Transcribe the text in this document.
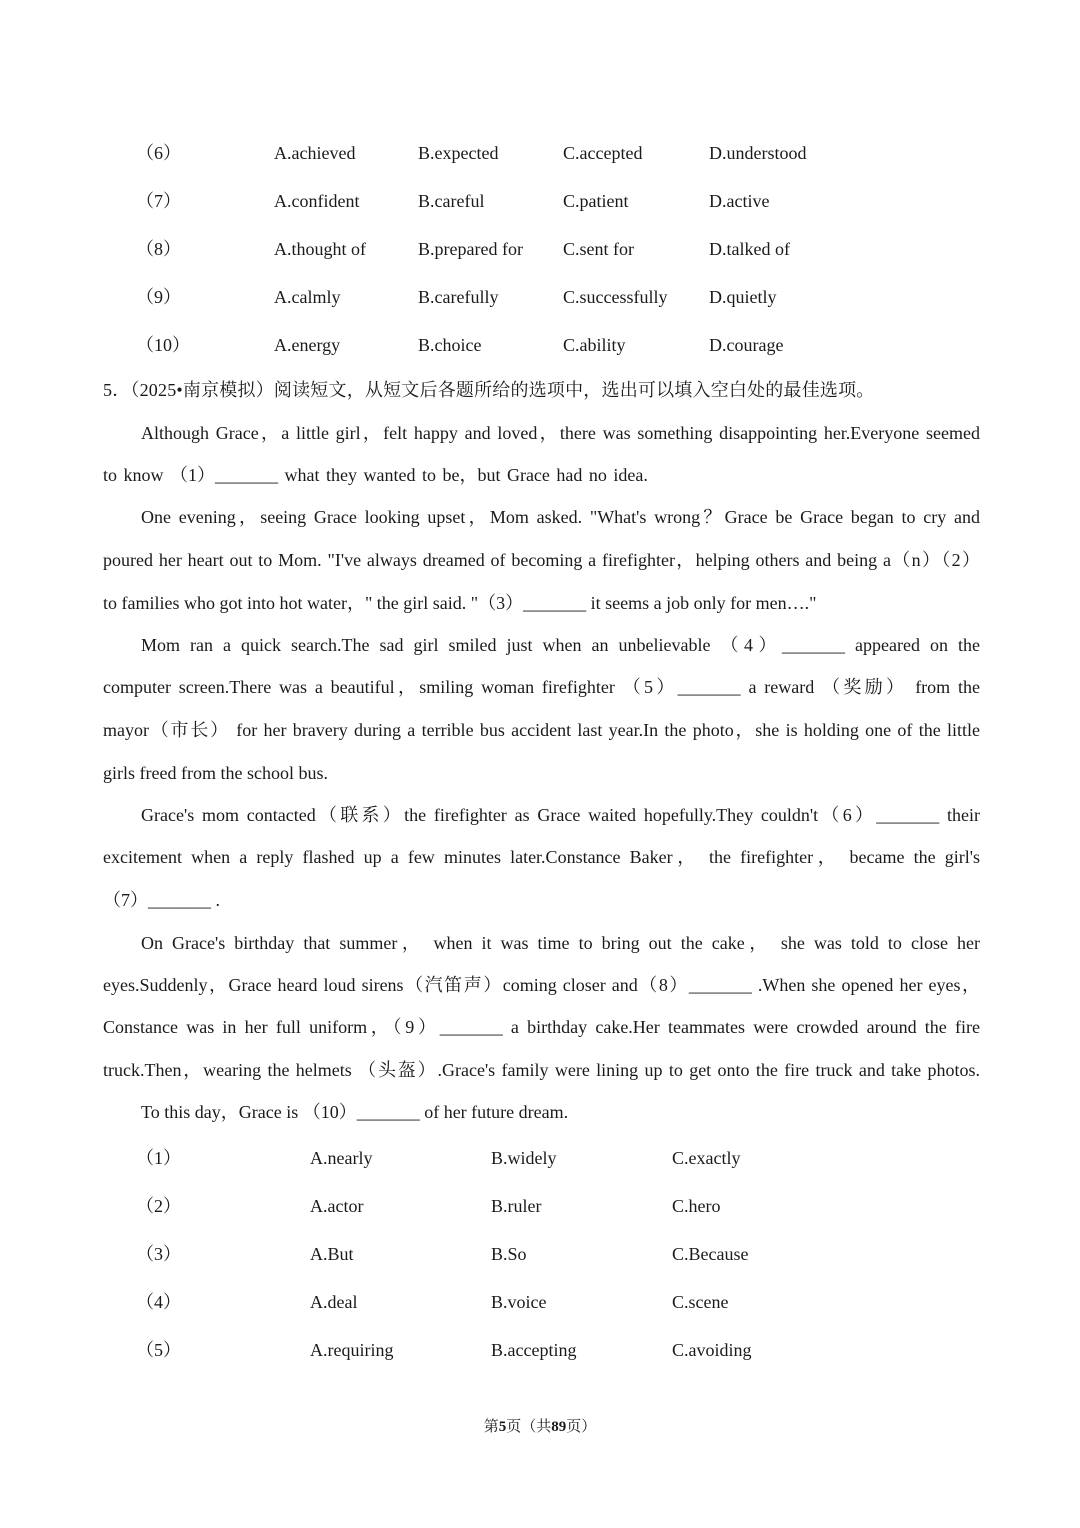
（6）	A.achieved	B.expected	C.accepted	D.understood
（7）	A.confident	B.careful	C.patient	D.active
（8）	A.thought of	B.prepared for C.sent for	D.talked of
（9）	A.calmly	B.carefully	C.successfully D.quietly
（10）	A.energy	B.choice	C.ability	D.courage
5．（2025•南京模拟）阅读短文，从短文后各题所给的选项中，选出可以填入空白处的最佳选项。
Although Grace，a little girl，felt happy and loved，there was something disappointing her.Everyone seemed
to know （1）_______ what they wanted to be，but Grace had no idea.
One evening，seeing Grace looking upset，Mom asked. "What's wrong？Grace be Grace began to cry and
poured her heart out to Mom. "I've always dreamed of becoming a firefighter，helping others and being a（n）（2）
to families who got into hot water，" the girl said. "（3）_______ it seems a job only for men…."
Mom ran a quick search.The sad girl smiled just when an unbelievable （4）_______ appeared on the
computer screen.There was a beautiful，smiling woman firefighter （5）_______ a reward （奖励） from the
mayor（市长） for her bravery during a terrible bus accident last year.In the photo，she is holding one of the little
girls freed from the school bus.
Grace's mom contacted（联系）the firefighter as Grace waited hopefully.They couldn't（6）_______ their
excitement when a reply flashed up a few minutes later.Constance Baker， the firefighter， became the girl's
（7）_______ .
On Grace's birthday that summer， when it was time to bring out the cake， she was told to close her
eyes.Suddenly，Grace heard loud sirens（汽笛声）coming closer and（8）_______ .When she opened her eyes，
Constance was in her full uniform，（9）_______ a birthday cake.Her teammates were crowded around the fire
truck.Then，wearing the helmets （头盔）.Grace's family were lining up to get onto the fire truck and take photos.
To this day，Grace is （10）_______ of her future dream.
（1）	A.nearly	B.widely	C.exactly
（2）	A.actor	B.ruler	C.hero
（3）	A.But	B.So	C.Because
（4）	A.deal	B.voice	C.scene
（5）	A.requiring	B.accepting	C.avoiding
第5页（共89页）
